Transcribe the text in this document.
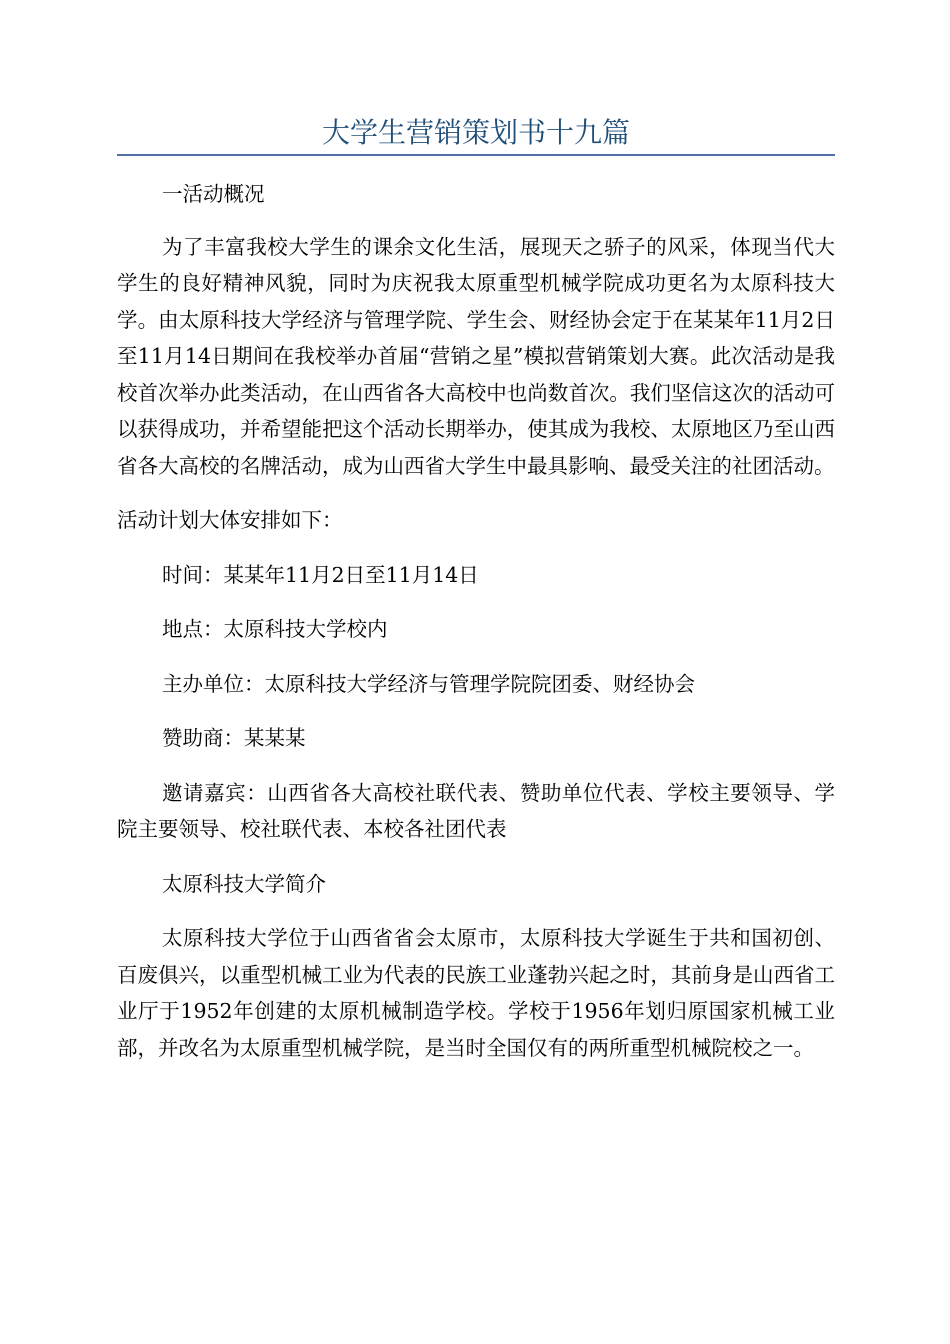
大学生营销策划书十九篇

一活动概况

为了丰富我校大学生的课余文化生活，展现天之骄子的风采，体现当代大学生的良好精神风貌，同时为庆祝我太原重型机械学院成功更名为太原科技大学。由太原科技大学经济与管理学院、学生会、财经协会定于在某某年11月2日至11月14日期间在我校举办首届“营销之星”模拟营销策划大赛。此次活动是我校首次举办此类活动，在山西省各大高校中也尚数首次。我们坚信这次的活动可以获得成功，并希望能把这个活动长期举办，使其成为我校、太原地区乃至山西省各大高校的名牌活动，成为山西省大学生中最具影响、最受关注的社团活动。

活动计划大体安排如下：

时间：某某年11月2日至11月14日

地点：太原科技大学校内

主办单位：太原科技大学经济与管理学院院团委、财经协会

赞助商：某某某

邀请嘉宾：山西省各大高校社联代表、赞助单位代表、学校主要领导、学院主要领导、校社联代表、本校各社团代表

太原科技大学简介

太原科技大学位于山西省省会太原市，太原科技大学诞生于共和国初创、百废俱兴，以重型机械工业为代表的民族工业蓬勃兴起之时，其前身是山西省工业厅于1952年创建的太原机械制造学校。学校于1956年划归原国家机械工业部，并改名为太原重型机械学院，是当时全国仅有的两所重型机械院校之一。
